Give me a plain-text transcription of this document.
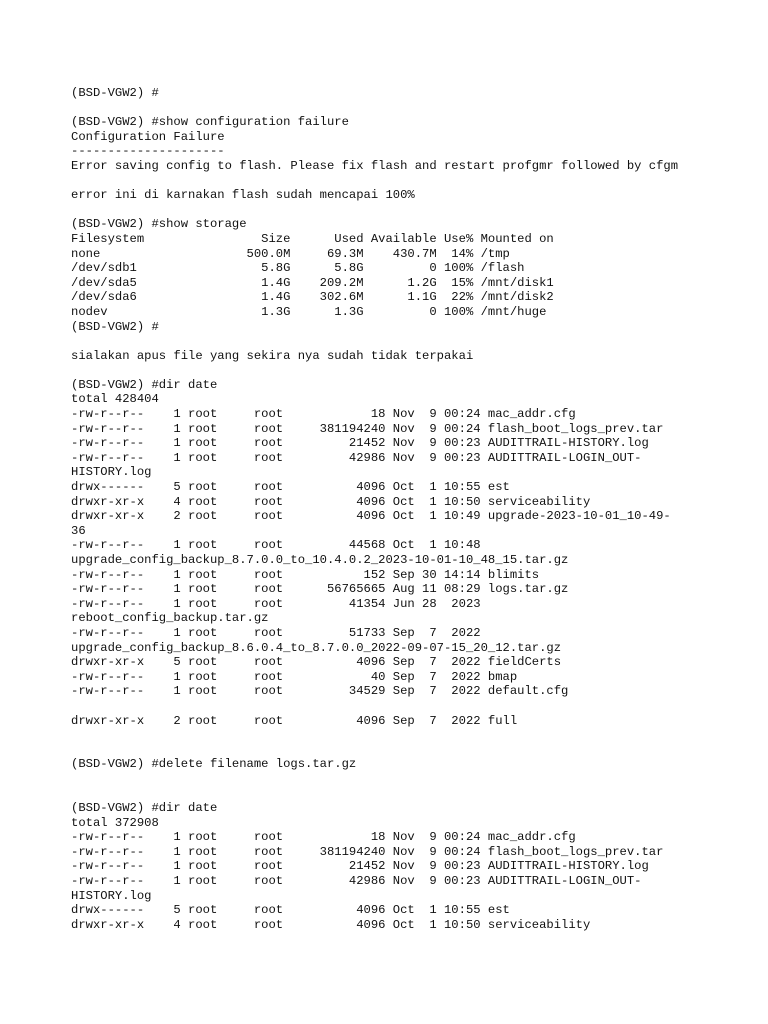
(BSD-VGW2) #
(BSD-VGW2) #show configuration failure
Configuration Failure
---------------------
Error saving config to flash. Please fix flash and restart profgmr followed by cfgm
error ini di karnakan flash sudah mencapai 100%
(BSD-VGW2) #show storage
Filesystem                Size      Used Available Use% Mounted on
none                    500.0M     69.3M    430.7M  14% /tmp
/dev/sdb1                 5.8G      5.8G         0 100% /flash
/dev/sda5                 1.4G    209.2M      1.2G  15% /mnt/disk1
/dev/sda6                 1.4G    302.6M      1.1G  22% /mnt/disk2
nodev                     1.3G      1.3G         0 100% /mnt/huge
(BSD-VGW2) #
sialakan apus file yang sekira nya sudah tidak terpakai
(BSD-VGW2) #dir date
total 428404
-rw-r--r--    1 root     root            18 Nov  9 00:24 mac_addr.cfg
-rw-r--r--    1 root     root     381194240 Nov  9 00:24 flash_boot_logs_prev.tar
-rw-r--r--    1 root     root         21452 Nov  9 00:23 AUDITTRAIL-HISTORY.log
-rw-r--r--    1 root     root         42986 Nov  9 00:23 AUDITTRAIL-LOGIN_OUT-
HISTORY.log
drwx------    5 root     root          4096 Oct  1 10:55 est
drwxr-xr-x    4 root     root          4096 Oct  1 10:50 serviceability
drwxr-xr-x    2 root     root          4096 Oct  1 10:49 upgrade-2023-10-01_10-49-
36
-rw-r--r--    1 root     root         44568 Oct  1 10:48
upgrade_config_backup_8.7.0.0_to_10.4.0.2_2023-10-01-10_48_15.tar.gz
-rw-r--r--    1 root     root           152 Sep 30 14:14 blimits
-rw-r--r--    1 root     root      56765665 Aug 11 08:29 logs.tar.gz
-rw-r--r--    1 root     root         41354 Jun 28  2023
reboot_config_backup.tar.gz
-rw-r--r--    1 root     root         51733 Sep  7  2022
upgrade_config_backup_8.6.0.4_to_8.7.0.0_2022-09-07-15_20_12.tar.gz
drwxr-xr-x    5 root     root          4096 Sep  7  2022 fieldCerts
-rw-r--r--    1 root     root            40 Sep  7  2022 bmap
-rw-r--r--    1 root     root         34529 Sep  7  2022 default.cfg
drwxr-xr-x    2 root     root          4096 Sep  7  2022 full
(BSD-VGW2) #delete filename logs.tar.gz
(BSD-VGW2) #dir date
total 372908
-rw-r--r--    1 root     root            18 Nov  9 00:24 mac_addr.cfg
-rw-r--r--    1 root     root     381194240 Nov  9 00:24 flash_boot_logs_prev.tar
-rw-r--r--    1 root     root         21452 Nov  9 00:23 AUDITTRAIL-HISTORY.log
-rw-r--r--    1 root     root         42986 Nov  9 00:23 AUDITTRAIL-LOGIN_OUT-
HISTORY.log
drwx------    5 root     root          4096 Oct  1 10:55 est
drwxr-xr-x    4 root     root          4096 Oct  1 10:50 serviceability
